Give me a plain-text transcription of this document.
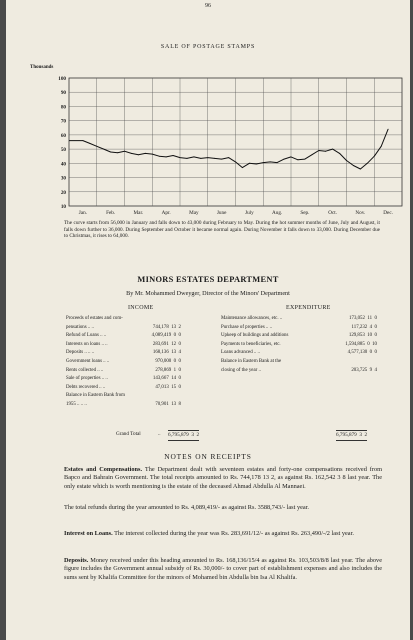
96
SALE OF POSTAGE STAMPS
100
90
80
70
60
50
40
30
20
10
Thousands
Jan.	Feb.	Mar.	Apr.	May	June	July	Aug.	Sep.	Oct.	Nov.	Dec.
The curve starts from 56,000 in January and falls down to 43,000 during February to May. During the hot summer months of June, July and August, it falls down further to 36,000. During September and October it became normal again. During November it falls down to 33,000. During December due to Christmas, it rises to 64,000.
MINORS ESTATES DEPARTMENT
By Mr. Mohammed Dweyger, Director of the Minors' Department
INCOME	EXPENDITURE
Proceeds of estates and com-
pensations .. ..	744,178  13  2
Refund of Loans .. ..	4,089,419  0  0
Interests on loans .. ..	283,691  12  0
Deposits .. .. ..	168,136  13  4
Government loans .. ..	970,000  0  0
Rents collected .. ..	278,869  1  0
Sale of properties .. ..	143,667  14  0
Debts recovered .. ..	47,013  15  0
Balance in Eastern Bank from
1955 .. .. ..	70,901  13  8
Maintenance allowances, etc. ..	173,052  11  0
Purchase of properties .. ..	117,232  4  0
Upkeep of buildings and additions	129,853  10  0
Payments to beneficiaries, etc.	1,594,885  0  10
Loans advanced .. ..	4,577,130  0  0
Balance in Eastern Bank at the
closing of the year ..	203,725  9  4
Grand Total	.. 6,795,879  3  2	6,795,879  3  2
NOTES ON RECEIPTS
Estates and Compensations. The Department dealt with seventeen estates and forty-one compensations received from Bapco and Bahrain Government. The total receipts amounted to Rs. 744,178 13 2, as against Rs. 162,542 3 8 last year. The only estate which is worth mentioning is the estate of the deceased Ahmad Abdulla Al Mannaei.
The total refunds during the year amounted to Rs. 4,089,419/- as against Rs. 3588,743/- last year.
Interest on Loans. The interest collected during the year was Rs. 283,691/12/- as against Rs. 263,490/-/2 last year.
Deposits. Money received under this heading amounted to Rs. 168,136/15/4 as against Rs. 103,503/8/8 last year. The above figure includes the Government annual subsidy of Rs. 30,000/- to cover part of establishment expenses and also includes the sums sent by Khalifa Committee for the minors of Mohamed bin Abdulla bin Isa Al Khalifa.
